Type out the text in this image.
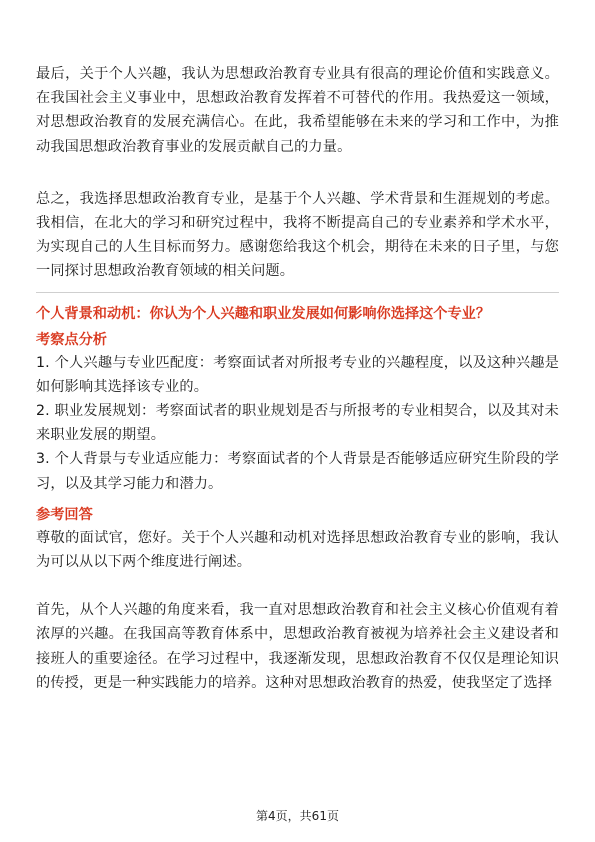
最后，关于个人兴趣，我认为思想政治教育专业具有很高的理论价值和实践意义。在我国社会主义事业中，思想政治教育发挥着不可替代的作用。我热爱这一领域，对思想政治教育的发展充满信心。在此，我希望能够在未来的学习和工作中，为推动我国思想政治教育事业的发展贡献自己的力量。

总之，我选择思想政治教育专业，是基于个人兴趣、学术背景和生涯规划的考虑。我相信，在北大的学习和研究过程中，我将不断提高自己的专业素养和学术水平，为实现自己的人生目标而努力。感谢您给我这个机会，期待在未来的日子里，与您一同探讨思想政治教育领域的相关问题。

个人背景和动机：你认为个人兴趣和职业发展如何影响你选择这个专业？

考察点分析

1. 个人兴趣与专业匹配度：考察面试者对所报考专业的兴趣程度，以及这种兴趣是如何影响其选择该专业的。

2. 职业发展规划：考察面试者的职业规划是否与所报考的专业相契合，以及其对未来职业发展的期望。

3. 个人背景与专业适应能力：考察面试者的个人背景是否能够适应研究生阶段的学习，以及其学习能力和潜力。

参考回答

尊敬的面试官，您好。关于个人兴趣和动机对选择思想政治教育专业的影响，我认为可以从以下两个维度进行阐述。

首先，从个人兴趣的角度来看，我一直对思想政治教育和社会主义核心价值观有着浓厚的兴趣。在我国高等教育体系中，思想政治教育被视为培养社会主义建设者和接班人的重要途径。在学习过程中，我逐渐发现，思想政治教育不仅仅是理论知识的传授，更是一种实践能力的培养。这种对思想政治教育的热爱，使我坚定了选择

第4页，共61页
